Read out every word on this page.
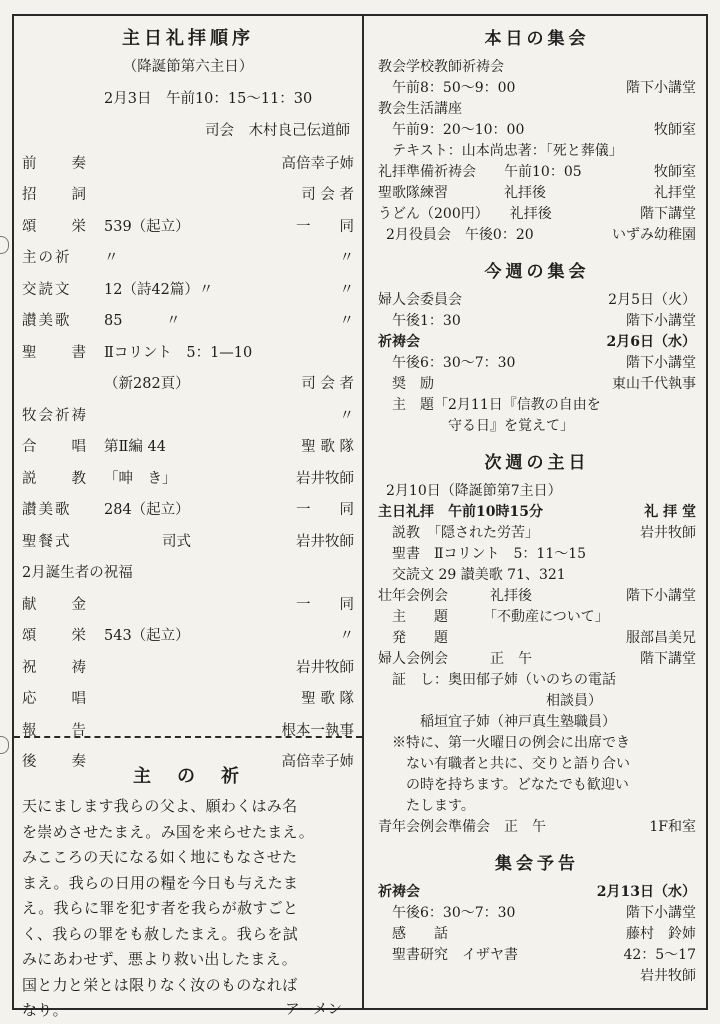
主日礼拝順序
（降誕節第六主日）
2月3日　午前10：15〜11：30
司会　木村良己伝道師
前　　奏	高倍幸子姉
招　　詞	司 会 者
頌　　栄	539（起立）	一　　同
主の祈	〃	〃
交読文	12（詩42篇）〃	〃
讃美歌	85　　　〃	〃
聖　　書	Ⅱコリント　5：1—10
（新282頁）	司 会 者
牧会祈祷	〃
合　　唱	第Ⅱ編 44	聖 歌 隊
説　　教	「呻　き」	岩井牧師
讃美歌	284（起立）	一　　同
聖餐式	　　　　司式	岩井牧師
2月誕生者の祝福
献　　金	一　　同
頌　　栄	543（起立）	〃
祝　　祷	岩井牧師
応　　唱	聖 歌 隊
報　　告	根本一執事
後　　奏	高倍幸子姉
主　の　祈
天にまします我らの父よ、願わくはみ名
を崇めさせたまえ。み国を来らせたまえ。
みこころの天になる如く地にもなさせた
まえ。我らの日用の糧を今日も与えたま
え。我らに罪を犯す者を我らが赦すごと
く、我らの罪をも赦したまえ。我らを試
みにあわせず、悪より救い出したまえ。
国と力と栄とは限りなく汝のものなれば
なり。	アーメン
本日の集会
教会学校教師祈祷会
午前8：50〜9：00	階下小講堂
教会生活講座
午前9：20〜10：00	牧師室
テキスト：山本尚忠著：「死と葬儀」
礼拝準備祈祷会　　午前10：05	牧師室
聖歌隊練習　　　　礼拝後	礼拝堂
うどん（200円）　　礼拝後	階下講堂
2月役員会　午後0：20	いずみ幼稚園
今週の集会
婦人会委員会	2月5日（火）
午後1：30	階下小講堂
祈祷会	2月6日（水）
午後6：30〜7：30	階下小講堂
奨　励	東山千代執事
主　題「2月11日『信教の自由を
　　　　守る日』を覚えて」
次週の主日
2月10日（降誕節第7主日）
主日礼拝　午前10時15分	礼 拝 堂
説教　「隠された労苦」	岩井牧師
聖書　Ⅱコリント　5：11〜15
交読文 29 讃美歌 71、321
壮年会例会　　　礼拝後	階下小講堂
主　　題　　　「不動産について」
発　　題	服部昌美兄
婦人会例会　　　正　午	階下講堂
証　し：奥田郁子姉（いのちの電話
　　　　　　　　　　　　相談員）
　　　稲垣宜子姉（神戸真生塾職員）
※特に、第一火曜日の例会に出席でき
　ない有職者と共に、交りと語り合い
　の時を持ちます。どなたでも歓迎い
　たします。
青年会例会準備会　正　午	1F和室
集会予告
祈祷会	2月13日（水）
午後6：30〜7：30	階下小講堂
感　　話	藤村　鈴姉
聖書研究　イザヤ書	42：5〜17
岩井牧師
